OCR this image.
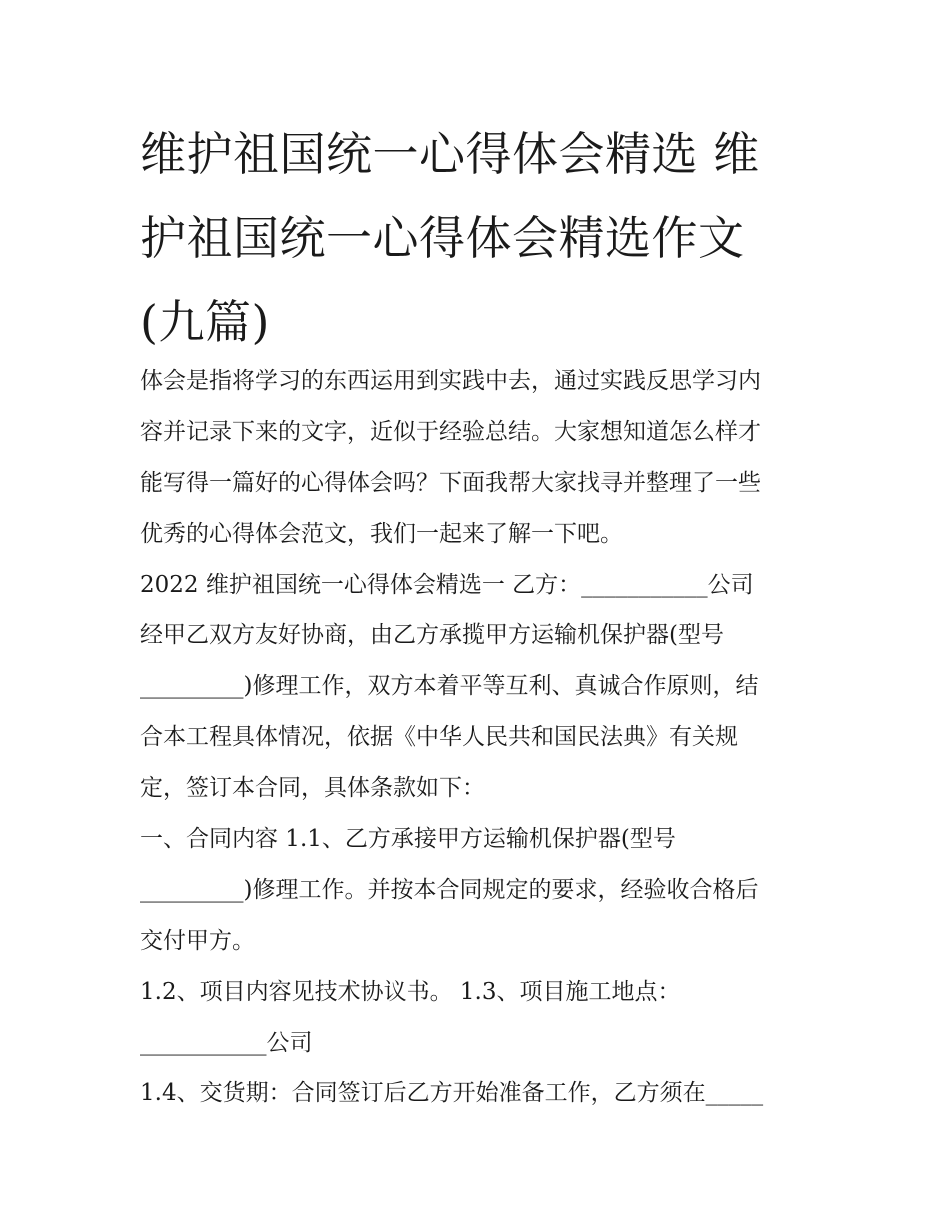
维护祖国统一心得体会精选 维
护祖国统一心得体会精选作文
(九篇)
体会是指将学习的东西运用到实践中去，通过实践反思学习内
容并记录下来的文字，近似于经验总结。大家想知道怎么样才
能写得一篇好的心得体会吗？下面我帮大家找寻并整理了一些
优秀的心得体会范文，我们一起来了解一下吧。
2022 维护祖国统一心得体会精选一 乙方：___________公司
经甲乙双方友好协商，由乙方承揽甲方运输机保护器(型号
_________)修理工作，双方本着平等互利、真诚合作原则，结
合本工程具体情况，依据《中华人民共和国民法典》有关规
定，签订本合同，具体条款如下：
一、合同内容 1.1、乙方承接甲方运输机保护器(型号
_________)修理工作。并按本合同规定的要求，经验收合格后
交付甲方。
1.2、项目内容见技术协议书。 1.3、项目施工地点：
___________公司
1.4、交货期：合同签订后乙方开始准备工作，乙方须在_____
